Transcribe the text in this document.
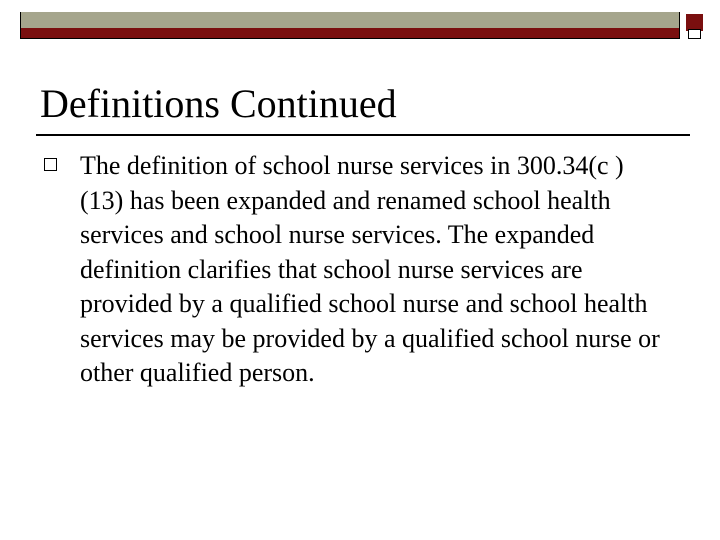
Definitions Continued
The definition of school nurse services in 300.34(c )(13) has been expanded and renamed school health services and school nurse services. The expanded definition clarifies that school nurse services are provided by a qualified school nurse and school health services may be provided by a qualified school nurse or other qualified person.
